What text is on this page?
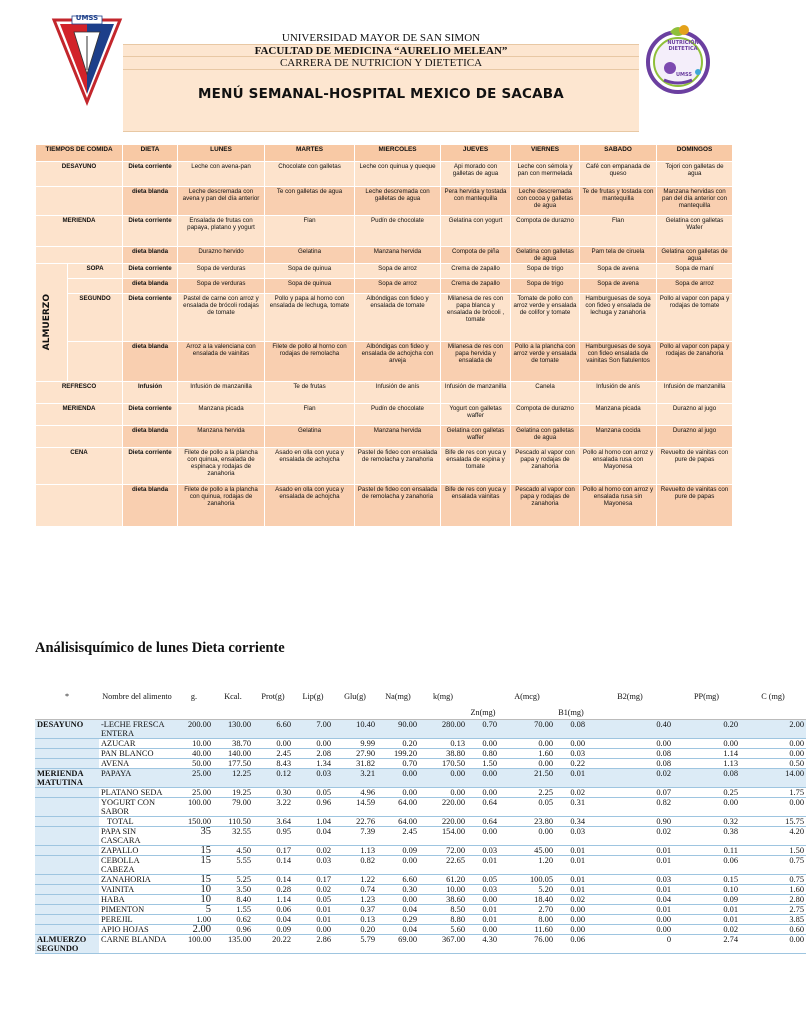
UMSS
NUTRICIÓN DIETETICA
UMSS
UNIVERSIDAD MAYOR DE SAN SIMON
FACULTAD DE MEDICINA “AURELIO MELEAN”
CARRERA DE NUTRICION Y DIETETICA
MENÚ SEMANAL-HOSPITAL MEXICO DE SACABA
TIEMPOS DE COMIDA		DIETA	LUNES	MARTES	MIERCOLES	JUEVES	VIERNES	SABADO	DOMINGOS
DESAYUNO		Dieta corriente	Leche con avena-pan	Chocolate con galletas	Leche con quinua y queque	Api morado con galletas de agua	Leche con sémola y pan con mermelada	Café con empanada de queso	Tojori con galletas de agua
		dieta blanda	Leche descremada con avena y pan del día anterior	Te con galletas de agua	Leche descremada con galletas de agua	Pera hervida y tostada con mantequilla	Leche descremada con cocoa y galletas de agua	Te de frutas y tostada con mantequilla	Manzana hervidas con pan del día anterior con mantequilla
MERIENDA		Dieta corriente	Ensalada de frutas con papaya, platano y yogurt	Flan	Pudín de chocolate	Gelatina con yogurt	Compota de durazno	Flan	Gelatina con galletas Wafer
		dieta blanda	Durazno hervido	Gelatina	Manzana hervida	Compota de piña	Gelatina con galletas de agua	Pam tela de ciruela	Gelatina con galletas de agua

ALMUERZO	SOPA	Dieta corriente	Sopa de verduras	Sopa de quinua	Sopa de arroz	Crema de zapallo	Sopa de trigo	Sopa de avena	Sopa de maní
		dieta blanda	Sopa de verduras	Sopa de quinua	Sopa de arroz	Crema de zapallo	Sopa de trigo	Sopa de avena	Sopa de arroz
	SEGUNDO	Dieta corriente	Pastel de carne con arroz y ensalada de brócoli rodajas de tomate	Pollo y papa al horno con ensalada de lechuga, tomate	Albóndigas con fideo y ensalada de tomate	Milanesa de res con papa blanca y ensalada de brócoli , tomate	Tomate de pollo con arroz verde y ensalada de colifor y tomate	Hamburguesas de soya con fideo y ensalada de lechuga y zanahoria	Pollo al vapor con papa y rodajas de tomate
		dieta blanda	Arroz a la valenciana con ensalada de vainitas	Filete de pollo al horno con rodajas de remolacha	Albóndigas con fideo y ensalada de achojcha con arveja	Milanesa de res con papa hervida y ensalada de	Pollo a la plancha con arroz verde y ensalada de tomate	Hamburguesas de soya con fideo ensalada de vainitas Son flatulentos	Pollo al vapor con papa y rodajas de zanahoria
REFRESCO		Infusión	Infusión de manzanilla	Te de frutas	Infusión de anís	Infusión de manzanilla	Canela	Infusión de anís	Infusión de manzanilla
MERIENDA		Dieta corriente	Manzana picada	Flan	Pudín de chocolate	Yogurt con galletas waffer	Compota de durazno	Manzana picada	Durazno al jugo
		dieta blanda	Manzana hervida	Gelatina	Manzana hervida	Gelatina con galletas waffer	Gelatina con galletas de agua	Manzana cocida	Durazno al jugo
CENA		Dieta corriente	Filete de pollo a la plancha con quinua, ensalada de espinaca y rodajas de zanahoria	Asado en olla con yuca y ensalada de achojcha	Pastel de fideo con ensalada de remolacha y zanahoria	Bife de res con yuca y ensalada de espina y tomate	Pescado al vapor con papa y rodajas de zanahoria	Pollo al horno con arroz y ensalada rusa con Mayonesa	Revuelto de vainitas con pure de papas
		dieta blanda	Filete de pollo a la plancha con quinua, rodajas de zanahoria	Asado en olla con yuca y ensalada de achojcha	Pastel de fideo con ensalada de remolacha y zanahoria	Bife de res con yuca y ensalada vainitas	Pescado al vapor con papa y rodajas de zanahoria	Pollo al horno con arroz y ensalada rusa sin Mayonesa	Revuelto de vainitas con pure de papas
Análisisquímico de lunes Dieta corriente
*	Nombre del alimento	g.	Kcal.	Prot(g)	Lip(g)	Glu(g)	Na(mg)	k(mg)	Zn(mg)	A(mcg)	B1(mg)	B2(mg)	PP(mg)	C (mg)
DESAYUNO	-LECHE FRESCA ENTERA	200.00	130.00	6.60	7.00	10.40	90.00	280.00	0.70	70.00	0.08	0.40	0.20	2.00
	AZUCAR	10.00	38.70	0.00	0.00	9.99	0.20	0.13	0.00	0.00	0.00	0.00	0.00	0.00
	PAN BLANCO	40.00	140.00	2.45	2.08	27.90	199.20	38.80	0.80	1.60	0.03	0.08	1.14	0.00
	AVENA	50.00	177.50	8.43	1.34	31.82	0.70	170.50	1.50	0.00	0.22	0.08	1.13	0.50
MERIENDA MATUTINA	PAPAYA	25.00	12.25	0.12	0.03	3.21	0.00	0.00	0.00	21.50	0.01	0.02	0.08	14.00
	PLATANO SEDA	25.00	19.25	0.30	0.05	4.96	0.00	0.00	0.00	2.25	0.02	0.07	0.25	1.75
	YOGURT CON SABOR	100.00	79.00	3.22	0.96	14.59	64.00	220.00	0.64	0.05	0.31	0.82	0.00	0.00
	TOTAL	150.00	110.50	3.64	1.04	22.76	64.00	220.00	0.64	23.80	0.34	0.90	0.32	15.75
	PAPA SIN CASCARA	35	32.55	0.95	0.04	7.39	2.45	154.00	0.00	0.00	0.03	0.02	0.38	4.20
	ZAPALLO	15	4.50	0.17	0.02	1.13	0.09	72.00	0.03	45.00	0.01	0.01	0.11	1.50
	CEBOLLA CABEZA	15	5.55	0.14	0.03	0.82	0.00	22.65	0.01	1.20	0.01	0.01	0.06	0.75
	ZANAHORIA	15	5.25	0.14	0.17	1.22	6.60	61.20	0.05	100.05	0.01	0.03	0.15	0.75
	VAINITA	10	3.50	0.28	0.02	0.74	0.30	10.00	0.03	5.20	0.01	0.01	0.10	1.60
	HABA	10	8.40	1.14	0.05	1.23	0.00	38.60	0.00	18.40	0.02	0.04	0.09	2.80
	PIMENTON	5	1.55	0.06	0.01	0.37	0.04	8.50	0.01	2.70	0.00	0.01	0.01	2.75
	PEREJIL	1.00	0.62	0.04	0.01	0.13	0.29	8.80	0.01	8.00	0.00	0.00	0.01	3.85
	APIO HOJAS	2.00	0.96	0.09	0.00	0.20	0.04	5.60	0.00	11.60	0.00	0.00	0.02	0.60
ALMUERZO SEGUNDO	CARNE BLANDA	100.00	135.00	20.22	2.86	5.79	69.00	367.00	4.30	76.00	0.06	0	2.74	0.00
